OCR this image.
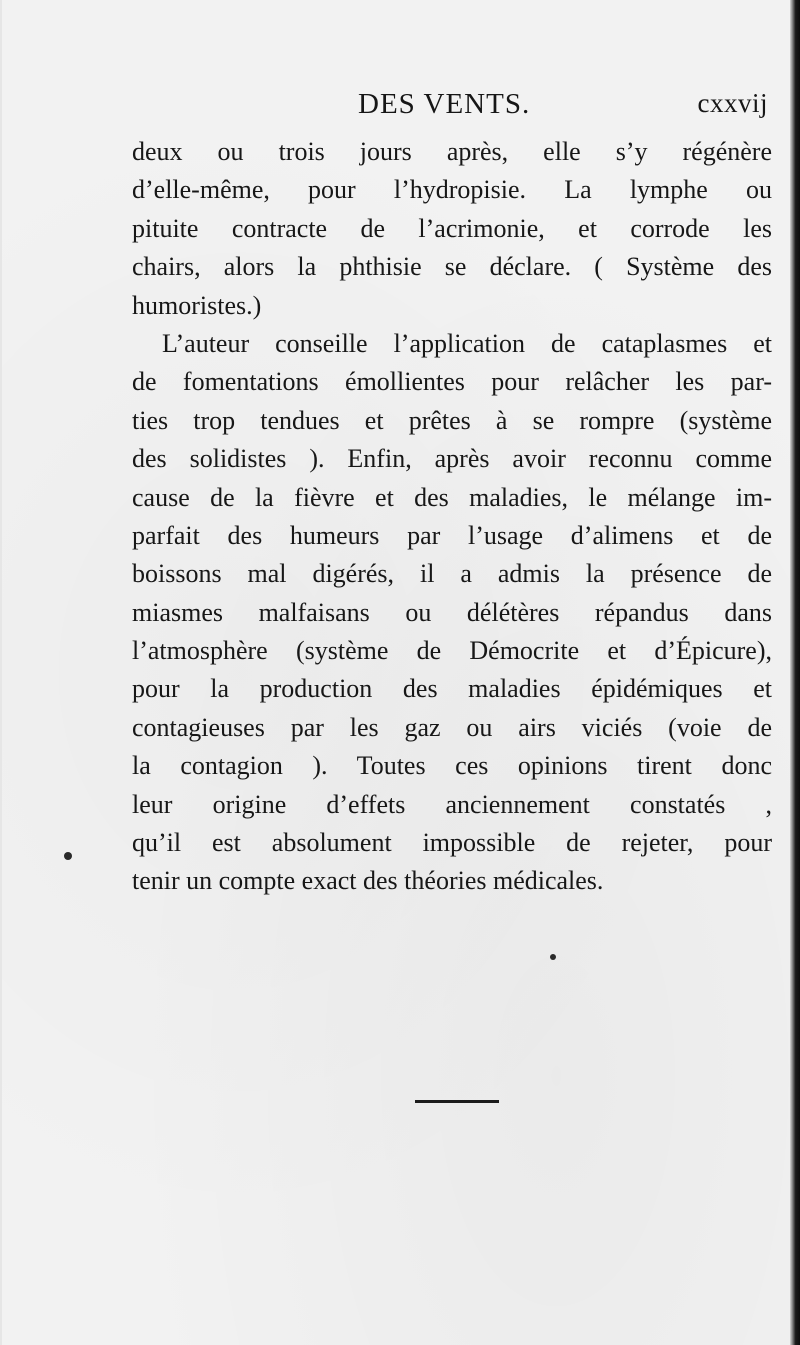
DES VENTS.	cxxvij
deux ou trois jours après, elle s’y régénère
d’elle-même, pour l’hydropisie. La lymphe ou
pituite contracte de l’acrimonie, et corrode les
chairs, alors la phthisie se déclare. ( Système des
humoristes.)
L’auteur conseille l’application de cataplasmes et
de fomentations émollientes pour relâcher les par-
ties trop tendues et prêtes à se rompre (système
des solidistes ). Enfin, après avoir reconnu comme
cause de la fièvre et des maladies, le mélange im-
parfait des humeurs par l’usage d’alimens et de
boissons mal digérés, il a admis la présence de
miasmes malfaisans ou délétères répandus dans
l’atmosphère (système de Démocrite et d’Épicure),
pour la production des maladies épidémiques et
contagieuses par les gaz ou airs viciés (voie de
la contagion ). Toutes ces opinions tirent donc
leur origine d’effets anciennement constatés ,
qu’il est absolument impossible de rejeter, pour
tenir un compte exact des théories médicales.
